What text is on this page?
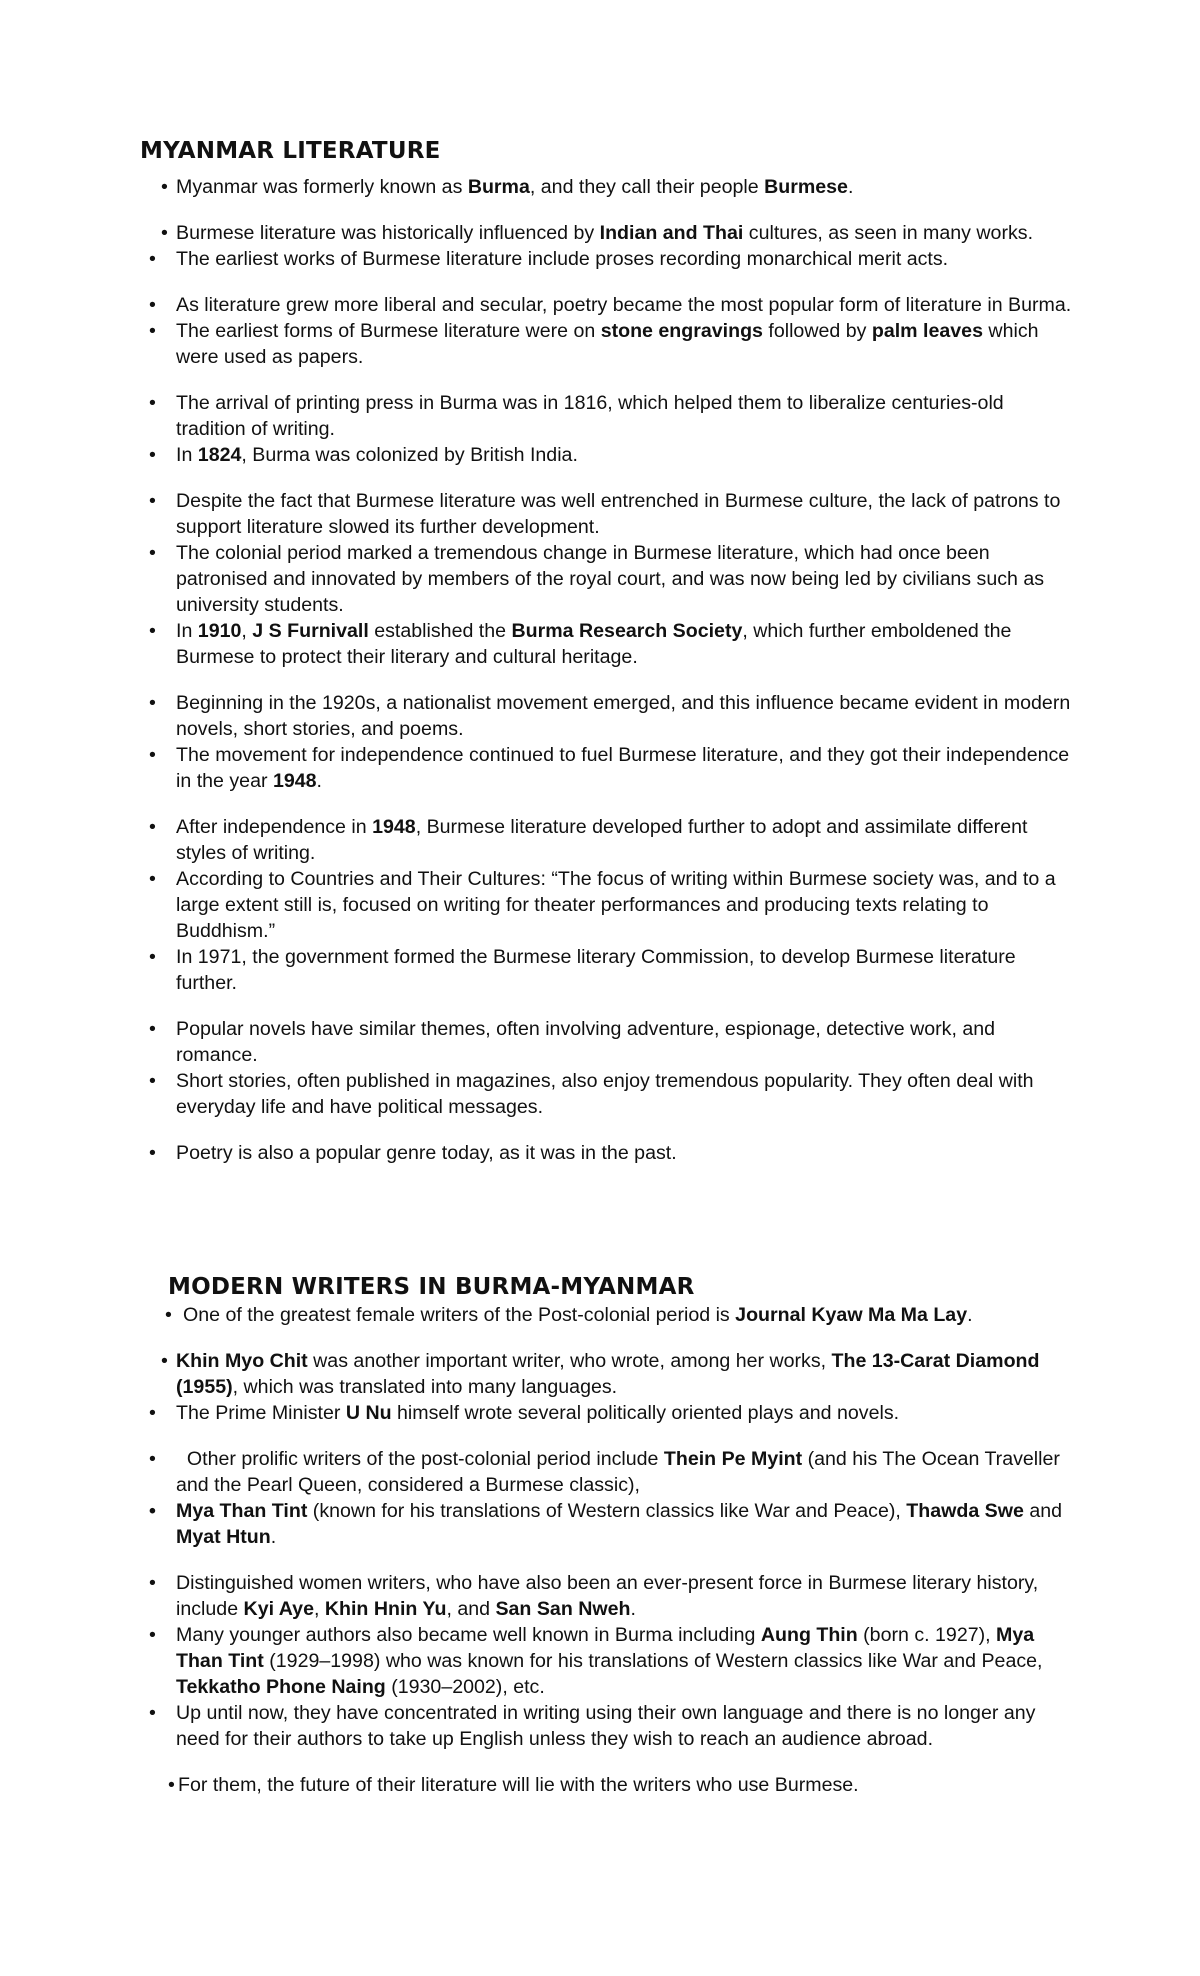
MYANMAR LITERATURE
• Myanmar was formerly known as Burma, and they call their people Burmese.
• Burmese literature was historically influenced by Indian and Thai cultures, as seen in many works.
• The earliest works of Burmese literature include proses recording monarchical merit acts.
• As literature grew more liberal and secular, poetry became the most popular form of literature in Burma.
• The earliest forms of Burmese literature were on stone engravings followed by palm leaves which were used as papers.
• The arrival of printing press in Burma was in 1816, which helped them to liberalize centuries-old tradition of writing.
• In 1824, Burma was colonized by British India.
• Despite the fact that Burmese literature was well entrenched in Burmese culture, the lack of patrons to support literature slowed its further development.
• The colonial period marked a tremendous change in Burmese literature, which had once been patronised and innovated by members of the royal court, and was now being led by civilians such as university students.
• In 1910, J S Furnivall established the Burma Research Society, which further emboldened the Burmese to protect their literary and cultural heritage.
• Beginning in the 1920s, a nationalist movement emerged, and this influence became evident in modern novels, short stories, and poems.
• The movement for independence continued to fuel Burmese literature, and they got their independence in the year 1948.
• After independence in 1948, Burmese literature developed further to adopt and assimilate different styles of writing.
• According to Countries and Their Cultures: “The focus of writing within Burmese society was, and to a large extent still is, focused on writing for theater performances and producing texts relating to Buddhism.”
• In 1971, the government formed the Burmese literary Commission, to develop Burmese literature further.
• Popular novels have similar themes, often involving adventure, espionage, detective work, and romance.
• Short stories, often published in magazines, also enjoy tremendous popularity. They often deal with everyday life and have political messages.
• Poetry is also a popular genre today, as it was in the past.
MODERN WRITERS IN BURMA-MYANMAR
• One of the greatest female writers of the Post-colonial period is Journal Kyaw Ma Ma Lay.
• Khin Myo Chit was another important writer, who wrote, among her works, The 13-Carat Diamond (1955), which was translated into many languages.
• The Prime Minister U Nu himself wrote several politically oriented plays and novels.
• Other prolific writers of the post-colonial period include Thein Pe Myint (and his The Ocean Traveller and the Pearl Queen, considered a Burmese classic),
• Mya Than Tint (known for his translations of Western classics like War and Peace), Thawda Swe and Myat Htun.
• Distinguished women writers, who have also been an ever-present force in Burmese literary history, include Kyi Aye, Khin Hnin Yu, and San San Nweh.
• Many younger authors also became well known in Burma including Aung Thin (born c. 1927), Mya Than Tint (1929–1998) who was known for his translations of Western classics like War and Peace, Tekkatho Phone Naing (1930–2002), etc.
• Up until now, they have concentrated in writing using their own language and there is no longer any need for their authors to take up English unless they wish to reach an audience abroad.
• For them, the future of their literature will lie with the writers who use Burmese.
